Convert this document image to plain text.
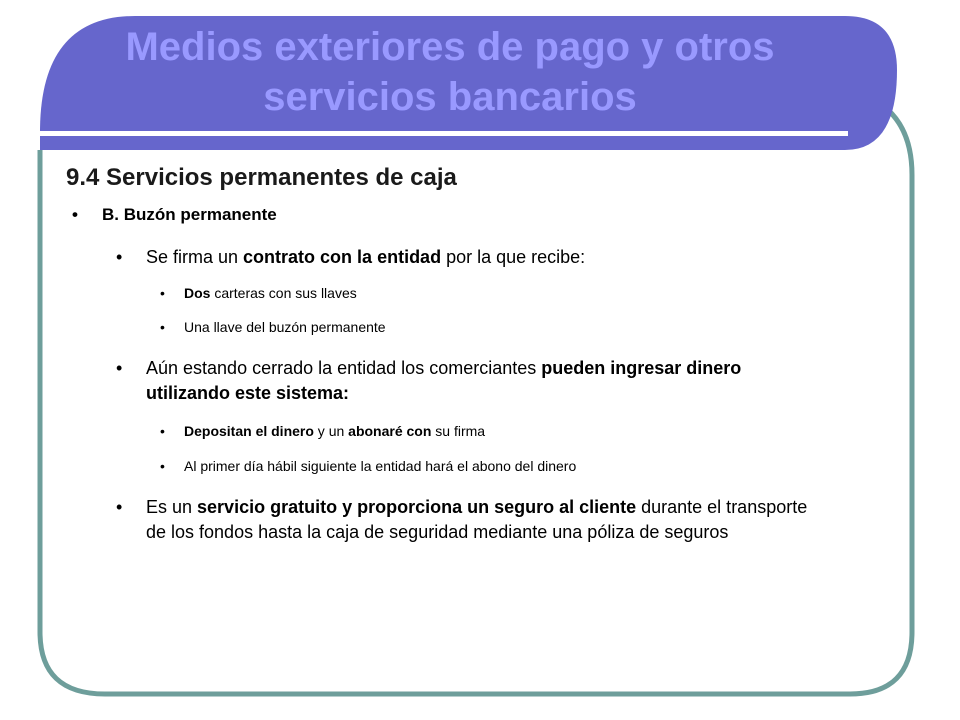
Medios exteriores de pago y otros
servicios bancarios
9.4 Servicios permanentes de caja
• B. Buzón permanente
• Se firma un contrato con la entidad por la que recibe:
• Dos carteras con sus llaves
• Una llave del buzón permanente
• Aún estando cerrado la entidad los comerciantes pueden ingresar dinero
utilizando este sistema:
• Depositan el dinero y un abonaré con su firma
• Al primer día hábil siguiente la entidad hará el abono del dinero
• Es un servicio gratuito y proporciona un seguro al cliente durante el transporte
de los fondos hasta la caja de seguridad mediante una póliza de seguros
